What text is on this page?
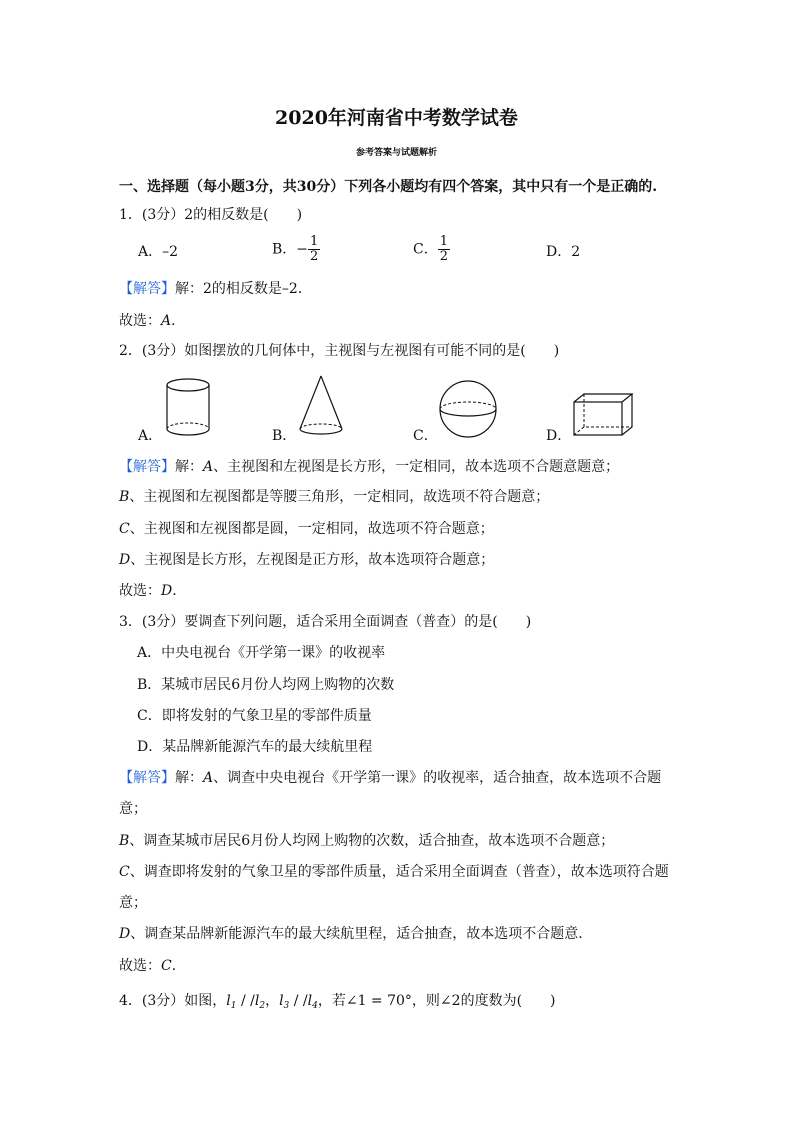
2020年河南省中考数学试卷
参考答案与试题解析
一、选择题（每小题3分，共30分）下列各小题均有四个答案，其中只有一个是正确的.
1．(3分）2的相反数是(　　)
A．–2	B．− $\frac{1}{2}$	C． $\frac{1}{2}$	D．2
【解答】解：2的相反数是–2．
故选：A．
2．(3分）如图摆放的几何体中，主视图与左视图有可能不同的是(　　)
A．	B．	C．	D．
【解答】解：A、主视图和左视图是长方形，一定相同，故本选项不合题意题意；
B、主视图和左视图都是等腰三角形，一定相同，故选项不符合题意；
C、主视图和左视图都是圆，一定相同，故选项不符合题意；
D、主视图是长方形，左视图是正方形，故本选项符合题意；
故选：D．
3．(3分）要调查下列问题，适合采用全面调查（普查）的是(　　)
A．中央电视台《开学第一课》的收视率
B．某城市居民6月份人均网上购物的次数
C．即将发射的气象卫星的零部件质量
D．某品牌新能源汽车的最大续航里程
【解答】解：A、调查中央电视台《开学第一课》的收视率，适合抽查，故本选项不合题
意；
B、调查某城市居民6月份人均网上购物的次数，适合抽查，故本选项不合题意；
C、调查即将发射的气象卫星的零部件质量，适合采用全面调查（普查），故本选项符合题
意；
D、调查某品牌新能源汽车的最大续航里程，适合抽查，故本选项不合题意．
故选：C．
4．(3分）如图，$l_1 / /l_2$，$l_3 / /l_4$，若∠1 = 70°，则∠2的度数为(　　)
